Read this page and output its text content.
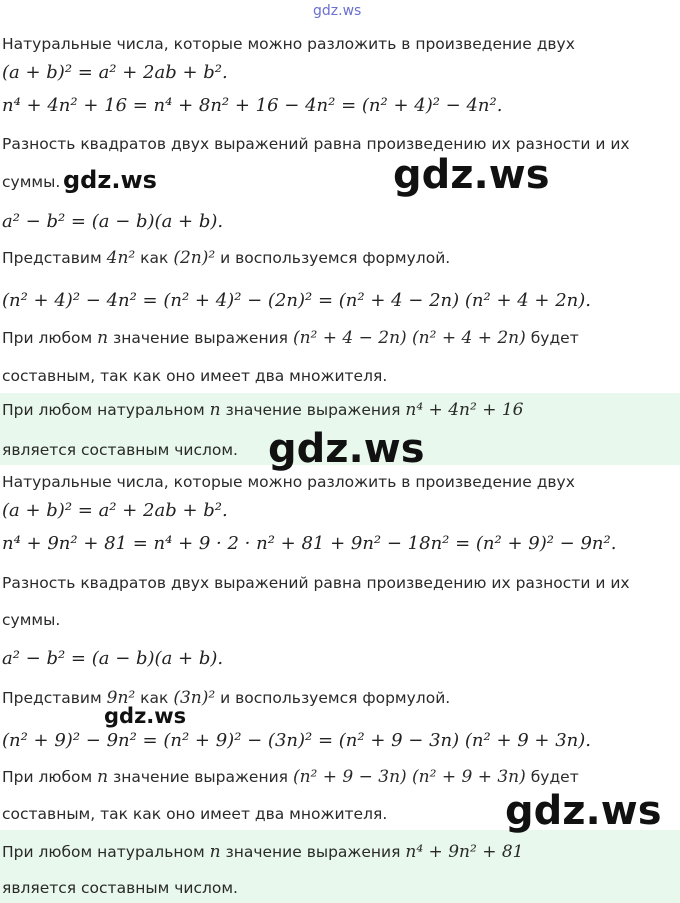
gdz.ws
Натуральные числа, которые можно разложить в произведение двух
(a + b)² = a² + 2ab + b².
n⁴ + 4n² + 16 = n⁴ + 8n² + 16 − 4n² = (n² + 4)² − 4n².
Разность квадратов двух выражений равна произведению их разности и их
суммы.
a² − b² = (a − b)(a + b).
Представим 4n² как (2n)² и воспользуемся формулой.
(n² + 4)² − 4n² = (n² + 4)² − (2n)² = (n² + 4 − 2n) (n² + 4 + 2n).
При любом n значение выражения (n² + 4 − 2n) (n² + 4 + 2n) будет
составным, так как оно имеет два множителя.
При любом натуральном n значение выражения n⁴ + 4n² + 16
является составным числом.
Натуральные числа, которые можно разложить в произведение двух
(a + b)² = a² + 2ab + b².
n⁴ + 9n² + 81 = n⁴ + 9 · 2 · n² + 81 + 9n² − 18n² = (n² + 9)² − 9n².
Разность квадратов двух выражений равна произведению их разности и их
суммы.
a² − b² = (a − b)(a + b).
Представим 9n² как (3n)² и воспользуемся формулой.
(n² + 9)² − 9n² = (n² + 9)² − (3n)² = (n² + 9 − 3n) (n² + 9 + 3n).
При любом n значение выражения (n² + 9 − 3n) (n² + 9 + 3n) будет
составным, так как оно имеет два множителя.
При любом натуральном n значение выражения n⁴ + 9n² + 81
является составным числом.
gdz.ws	gdz.ws
gdz.ws
gdz.ws
gdz.ws
